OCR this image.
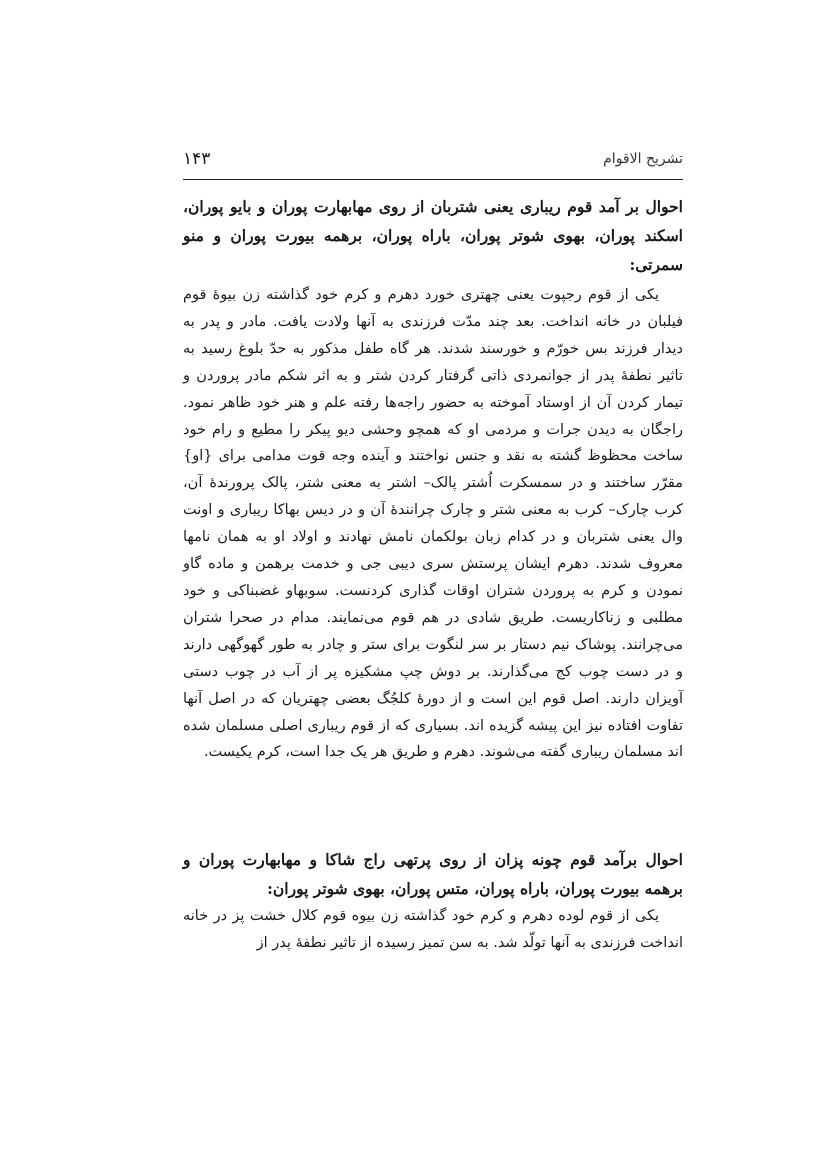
۱۴۳	تشریح الاقوام
احوال بر آمد قوم ریباری یعنی شتربان از روی مهابهارت پوران و بایو پوران، اسکند پوران، بهوی شوتر پوران، باراه پوران، برهمه بیورت پوران و منو سمرتی:
یکی از قوم رجپوت یعنی چهتری خورد دهرم و کرم خود گذاشته زن بیوهٔ قوم فیلبان در خانه انداخت. بعد چند مدّت فرزندی به آنها ولادت یافت. مادر و پدر به دیدار فرزند بس خورّم و خورسند شدند. هر گاه طفل مذکور به حدّ بلوغ رسید به تاثیر نطفهٔ پدر از جوانمردی ذاتی گرفتار کردن شتر و به اثر شکم مادر پروردن و تیمار کردن آن از اوستاد آموخته به حضور راجه‌ها رفته علم و هنر خود ظاهر نمود. راجگان به دیدن جرات و مردمی او که همچو وحشی دیو پیکر را مطیع و رام خود ساخت محظوظ گشته به نقد و جنس نواختند و آینده وجه قوت مدامی برای {او} مقرّر ساختند و در سمسکرت اُشتر پالک– اشتر به معنی شتر، پالک پرورندهٔ آن، کرب چارک– کرب به معنی شتر و چارک چرانندهٔ آن و در دیس بهاکا ریباری و اونت وال یعنی شتربان و در کدام زبان بولکمان نامش نهادند و اولاد او به همان نامها معروف شدند. دهرم ایشان پرستش سری دیبی جی و خدمت برهمن و ماده گاو نمودن و کرم به پروردن شتران اوقات گذاری کردنست. سوبهاو غضبناکی و خود مطلبی و زناکاریست. طریق شادی در هم قوم می‌نمایند. مدام در صحرا شتران می‌چرانند. پوشاک نیم دستار بر سر لنگوت برای ستر و چادر به طور گهوگهی دارند و در دست چوب کج می‌گذارند. بر دوش چپ مشکیزه پر از آب در چوب دستی آویزان دارند. اصل قوم این است و از دورهٔ کلجُگ بعضی چهتریان که در اصل آنها تفاوت افتاده نیز این پیشه گزیده اند. بسیاری که از قوم ریباری اصلی مسلمان شده اند مسلمان ریباری گفته می‌شوند. دهرم و طریق هر یک جدا است، کرم یکیست.
احوال برآمد قوم چونه پزان از روی پرتهی راج شاکا و مهابهارت پوران و برهمه بیورت پوران، باراه پوران، متس پوران، بهوی شوتر پوران:
یکی از قوم لوده دهرم و کرم خود گذاشته زن بیوه قوم کلال خشت پز در خانه انداخت فرزندی به آنها تولّد شد. به سن تمیز رسیده از تاثیر نطفهٔ پدر از
